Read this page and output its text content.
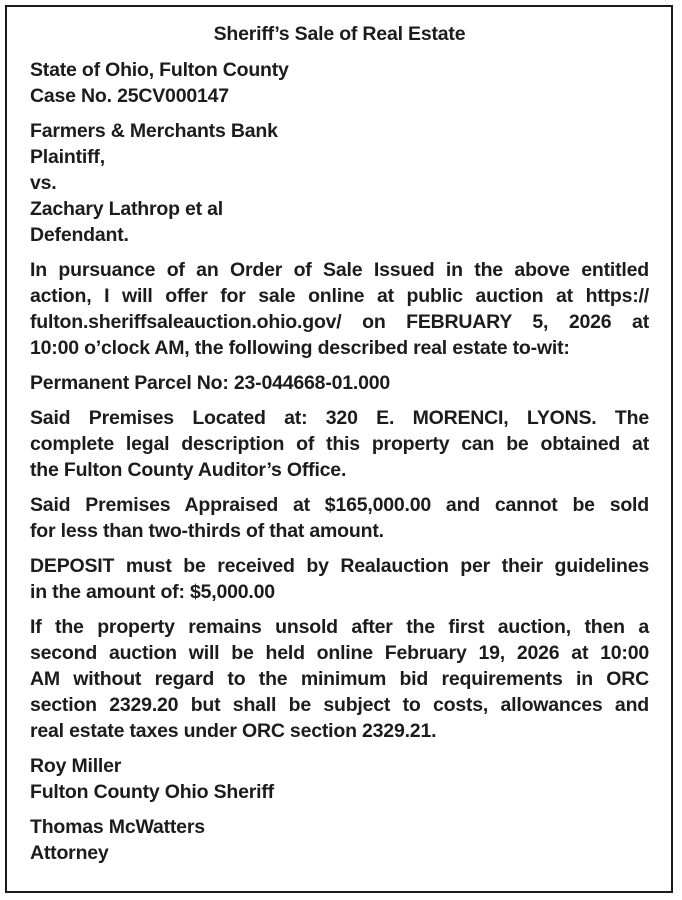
Sheriff’s Sale of Real Estate
State of Ohio, Fulton County
Case No. 25CV000147
Farmers & Merchants Bank
Plaintiff,
vs.
Zachary Lathrop et al
Defendant.
In pursuance of an Order of Sale Issued in the above entitled
action, I will offer for sale online at public auction at https://
fulton.sheriffsaleauction.ohio.gov/ on FEBRUARY 5, 2026 at
10:00 o’clock AM, the following described real estate to-wit:
Permanent Parcel No: 23-044668-01.000
Said Premises Located at: 320 E. MORENCI, LYONS. The
complete legal description of this property can be obtained at
the Fulton County Auditor’s Office.
Said Premises Appraised at $165,000.00 and cannot be sold
for less than two-thirds of that amount.
DEPOSIT must be received by Realauction per their guidelines
in the amount of: $5,000.00
If the property remains unsold after the first auction, then a
second auction will be held online February 19, 2026 at 10:00
AM without regard to the minimum bid requirements in ORC
section 2329.20 but shall be subject to costs, allowances and
real estate taxes under ORC section 2329.21.
Roy Miller
Fulton County Ohio Sheriff
Thomas McWatters
Attorney
